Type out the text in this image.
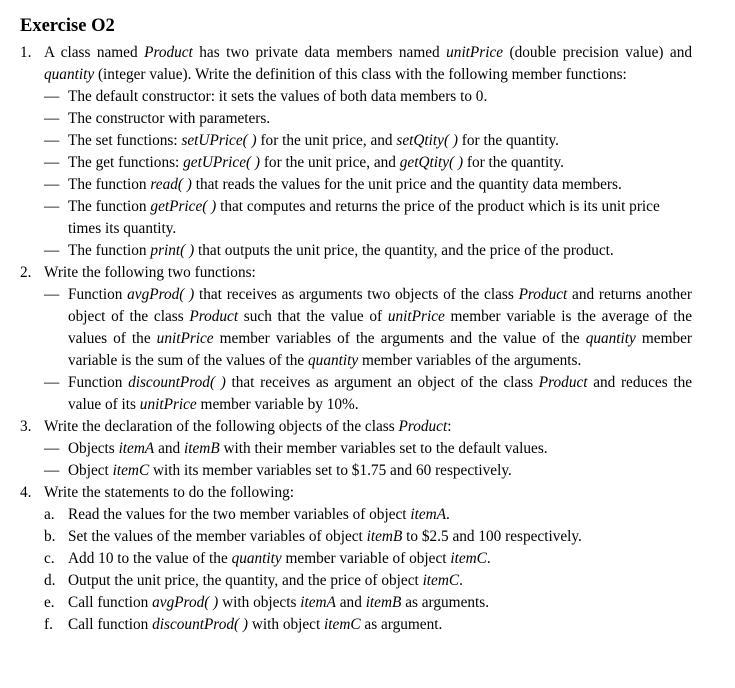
Exercise O2
1. A class named Product has two private data members named unitPrice (double precision value) and quantity (integer value). Write the definition of this class with the following member functions:
— The default constructor: it sets the values of both data members to 0.
— The constructor with parameters.
— The set functions: setUPrice( ) for the unit price, and setQtity( ) for the quantity.
— The get functions: getUPrice( ) for the unit price, and getQtity( ) for the quantity.
— The function read( ) that reads the values for the unit price and the quantity data members.
— The function getPrice( ) that computes and returns the price of the product which is its unit price times its quantity.
— The function print( ) that outputs the unit price, the quantity, and the price of the product.
2. Write the following two functions:
— Function avgProd( ) that receives as arguments two objects of the class Product and returns another object of the class Product such that the value of unitPrice member variable is the average of the values of the unitPrice member variables of the arguments and the value of the quantity member variable is the sum of the values of the quantity member variables of the arguments.
— Function discountProd( ) that receives as argument an object of the class Product and reduces the value of its unitPrice member variable by 10%.
3. Write the declaration of the following objects of the class Product:
— Objects itemA and itemB with their member variables set to the default values.
— Object itemC with its member variables set to $1.75 and 60 respectively.
4. Write the statements to do the following:
a. Read the values for the two member variables of object itemA.
b. Set the values of the member variables of object itemB to $2.5 and 100 respectively.
c. Add 10 to the value of the quantity member variable of object itemC.
d. Output the unit price, the quantity, and the price of object itemC.
e. Call function avgProd( ) with objects itemA and itemB as arguments.
f. Call function discountProd( ) with object itemC as argument.
